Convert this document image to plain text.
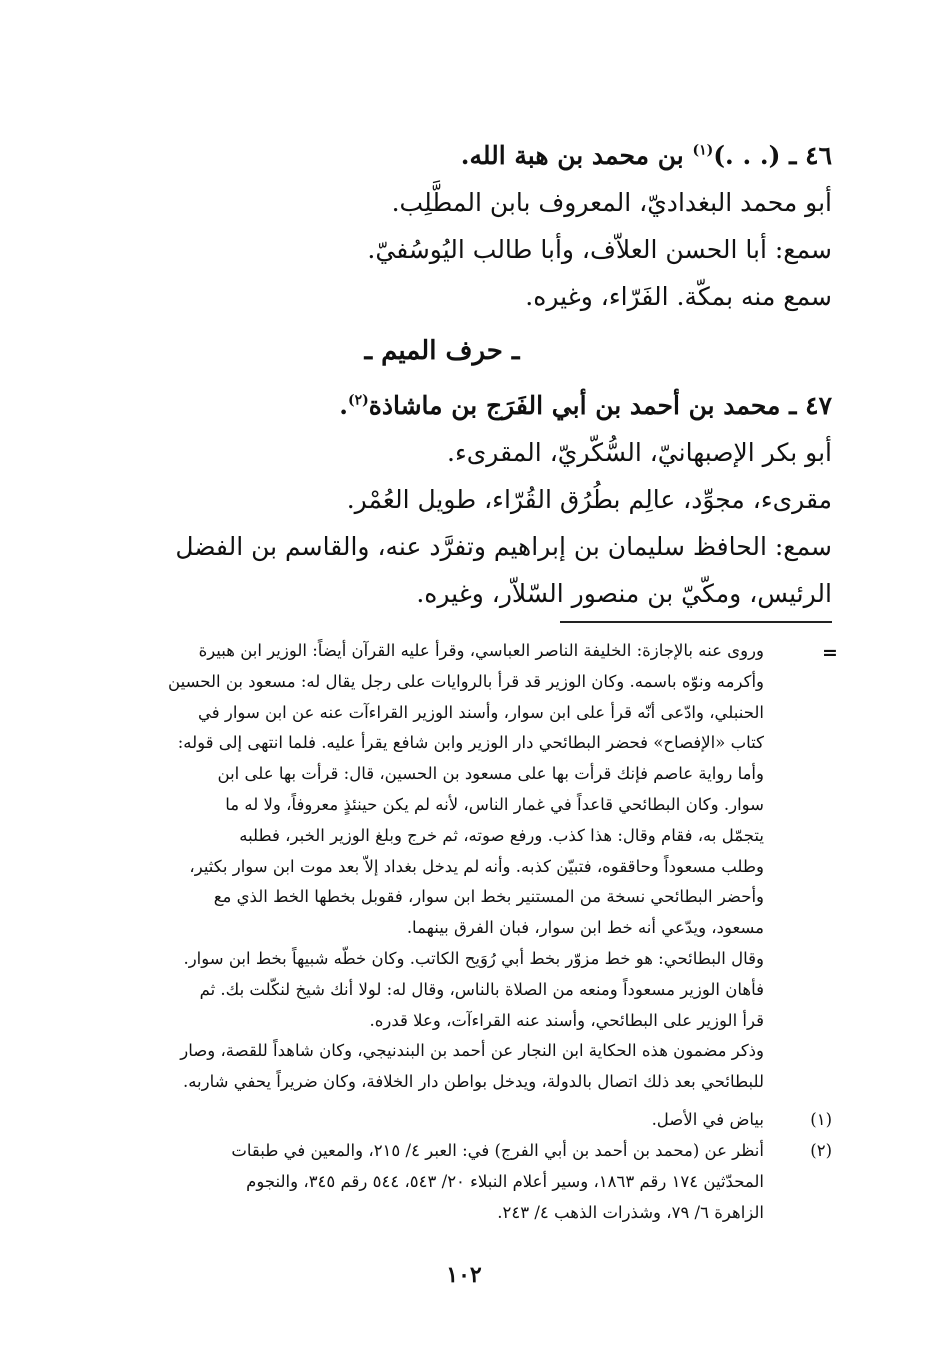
٤٦ ـ (. . .)$^{(١)}$ بن محمد بن هبة الله.
أبو محمد البغداديّ، المعروف بابن المطَّلِب.
سمع: أبا الحسن العلاّف، وأبا طالب اليُوسُفيّ.
سمع منه بمكّة. الفَرّاء، وغيره.
ـ حرف الميم ـ
٤٧ ـ محمد بن أحمد بن أبي الفَرَج بن ماشاذة$^{(٢)}$.
أبو بكر الإصبهانيّ، السُّكّريّ، المقرىء.
مقرىء، مجوِّد، عالِم بطُرُق القُرّاء، طويل العُمْر.
سمع: الحافظ سليمان بن إبراهيم وتفرَّد عنه، والقاسم بن الفضل
الرئيس، ومكّيّ بن منصور السّلاّر، وغيره.
=
وروى عنه بالإجازة: الخليفة الناصر العباسي، وقرأ عليه القرآن أيضاً: الوزير ابن هبيرة
وأكرمه ونوّه باسمه. وكان الوزير قد قرأ بالروايات على رجل يقال له: مسعود بن الحسين
الحنبلي، وادّعى أنّه قرأ على ابن سوار، وأسند الوزير القراءآت عنه عن ابن سوار في
كتاب «الإفصاح» فحضر البطائحي دار الوزير وابن شافع يقرأ عليه. فلما انتهى إلى قوله:
وأما رواية عاصم فإنك قرأت بها على مسعود بن الحسين، قال: قرأت بها على ابن
سوار. وكان البطائحي قاعداً في غمار الناس، لأنه لم يكن حينئذٍ معروفاً، ولا له ما
يتجمّل به، فقام وقال: هذا كذب. ورفع صوته، ثم خرج وبلغ الوزير الخبر، فطلبه
وطلب مسعوداً وحاققوه، فتبيّن كذبه. وأنه لم يدخل بغداد إلاّ بعد موت ابن سوار بكثير،
وأحضر البطائحي نسخة من المستنير بخط ابن سوار، فقوبل بخطها الخط الذي مع
مسعود، ويدّعي أنه خط ابن سوار، فبان الفرق بينهما.
وقال البطائحي: هو خط مزوّر بخط أبي رُوَيح الكاتب. وكان خطّه شبيهاً بخط ابن سوار.
فأهان الوزير مسعوداً ومنعه من الصلاة بالناس، وقال له: لولا أنك شيخ لنكّلت بك. ثم
قرأ الوزير على البطائحي، وأسند عنه القراءآت، وعلا قدره.
وذكر مضمون هذه الحكاية ابن النجار عن أحمد بن البندنيجي، وكان شاهداً للقصة، وصار
للبطائحي بعد ذلك اتصال بالدولة، ويدخل بواطن دار الخلافة، وكان ضريراً يحفي شاربه.
(١)
بياض في الأصل.
(٢)
أنظر عن (محمد بن أحمد بن أبي الفرج) في: العبر ٤/ ٢١٥، والمعين في طبقات
المحدّثين ١٧٤ رقم ١٨٦٣، وسير أعلام النبلاء ٢٠/ ٥٤٣، ٥٤٤ رقم ٣٤٥، والنجوم
الزاهرة ٦/ ٧٩، وشذرات الذهب ٤/ ٢٤٣.
١٠٢
